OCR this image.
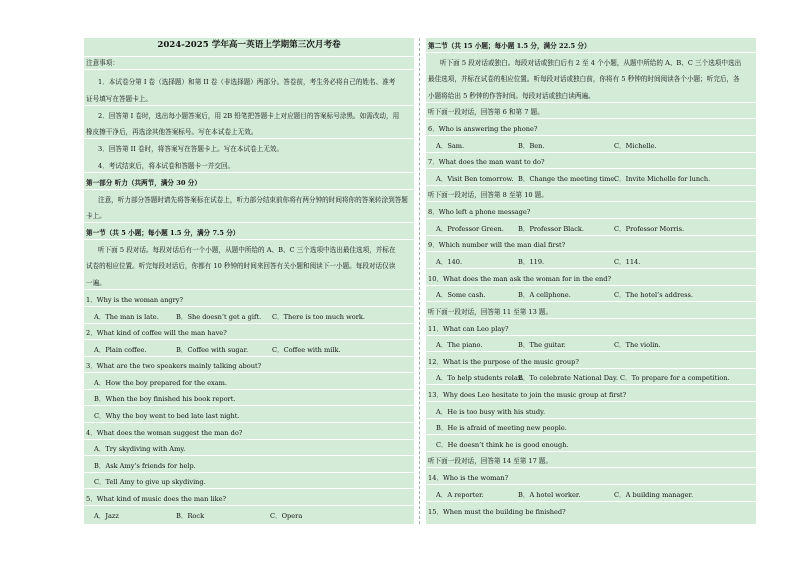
2024-2025 学年高一英语上学期第三次月考卷
注意事项：
1．本试卷分第 I 卷（选择题）和第 II 卷（非选择题）两部分。答卷前，考生务必将自己的姓名、准考
证号填写在答题卡上。
2．回答第 I 卷时，选出每小题答案后，用 2B 铅笔把答题卡上对应题目的答案标号涂黑。如需改动，用
橡皮擦干净后，再选涂其他答案标号。写在本试卷上无效。
3．回答第 II 卷时，将答案写在答题卡上。写在本试卷上无效。
4．考试结束后，将本试卷和答题卡一并交回。
第一部分 听力（共两节，满分 30 分）
注意，听力部分答题时请先将答案标在试卷上，听力部分结束前你将有两分钟的时间将你的答案转涂到答题
卡上。
第一节（共 5 小题；每小题 1.5 分，满分 7.5 分）
听下面 5 段对话。每段对话后有一个小题，从题中所给的 A、B、C 三个选项中选出最佳选项，并标在
试卷的相应位置。听完每段对话后，你都有 10 秒钟的时间来回答有关小题和阅读下一小题。每段对话仅读
一遍。
1．Why is the woman angry?
A．The man is late.	B．She doesn’t get a gift. C．There is too much work.
2．What kind of coffee will the man have?
A．Plain coffee.	B．Coffee with sugar.	C．Coffee with milk.
3．What are the two speakers mainly talking about?
A．How the boy prepared for the exam.
B．When the boy finished his book report.
C．Why the boy went to bed late last night.
4．What does the woman suggest the man do?
A．Try skydiving with Amy.
B．Ask Amy’s friends for help.
C．Tell Amy to give up skydiving.
5．What kind of music does the man like?
A．Jazz	B．Rock	C．Opera
第二节（共 15 小题；每小题 1.5 分，满分 22.5 分）
听下面 5 段对话或独白。每段对话或独白后有 2 至 4 个小题，从题中所给的 A、B、C 三个选项中选出
最佳选项，并标在试卷的相应位置。听每段对话或独白前，你将有 5 秒钟的时间阅读各个小题；听完后，各
小题将给出 5 秒钟的作答时间。每段对话或独白读两遍。
听下面一段对话，回答第 6 和第 7 题。
6．Who is answering the phone?
A．Sam.	B．Ben.	C．Michelle.
7．What does the man want to do?
A．Visit Ben tomorrow. B．Change the meeting time.
C．Invite Michelle for lunch.
听下面一段对话，回答第 8 至第 10 题。
8．Who left a phone message?
A．Professor Green. B．Professor Black.	C．Professor Morris.
9．Which number will the man dial first?
A．140.	B．119.	C．114.
10．What does the man ask the woman for in the end?
A．Some cash.	B．A cellphone.	C．The hotel’s address.
听下面一段对话，回答第 11 至第 13 题。
11．What can Leo play?
A．The piano.	B．The guitar.	C．The violin.
12．What is the purpose of the music group?
A．To help students relax.
B．To celebrate National Day. C．To prepare for a competition.
13．Why does Leo hesitate to join the music group at first?
A．He is too busy with his study.
B．He is afraid of meeting new people.
C．He doesn’t think he is good enough.
听下面一段对话，回答第 14 至第 17 题。
14．Who is the woman?
A．A reporter.	B．A hotel worker.	C．A building manager.
15．When must the building be finished?
